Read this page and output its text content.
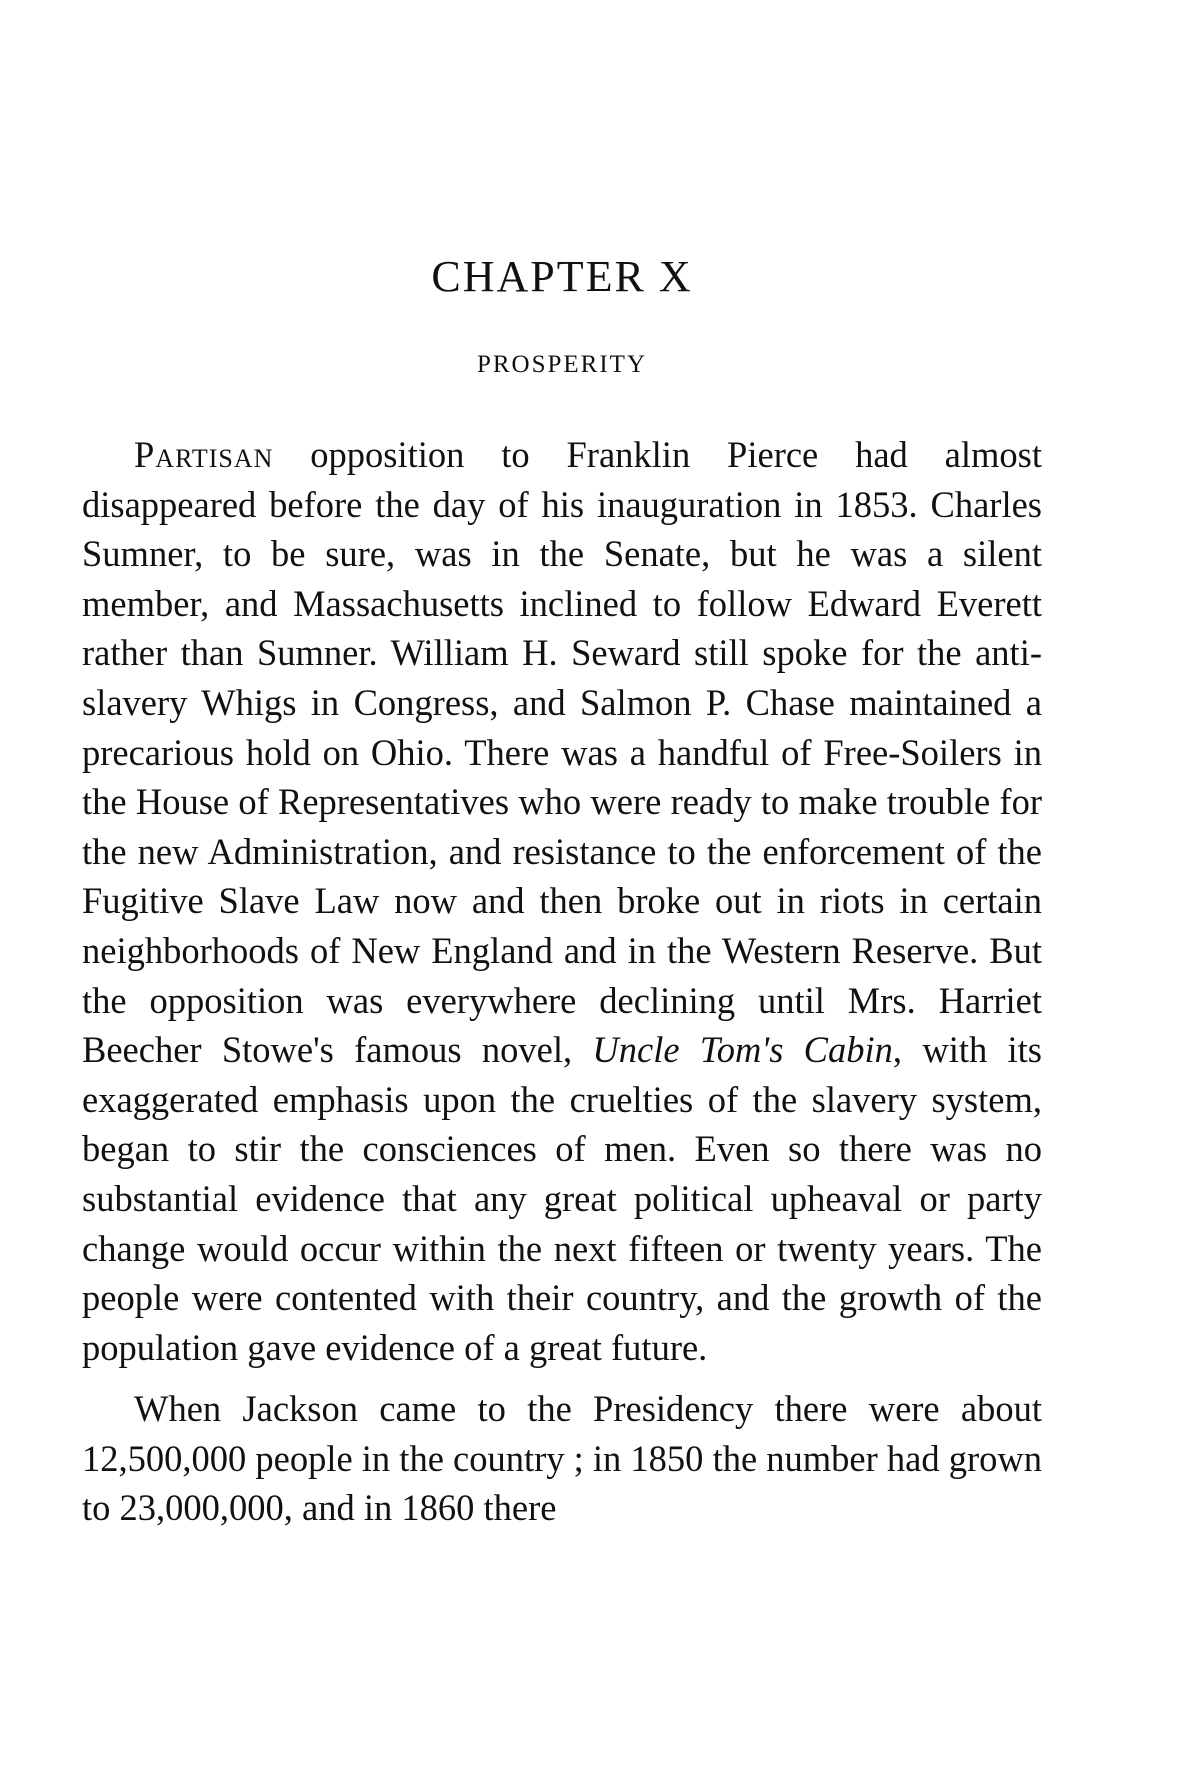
CHAPTER X
PROSPERITY

Partisan opposition to Franklin Pierce had almost disappeared before the day of his inauguration in 1853. Charles Sumner, to be sure, was in the Senate, but he was a silent member, and Massachusetts inclined to follow Edward Everett rather than Sumner. William H. Seward still spoke for the anti-slavery Whigs in Congress, and Salmon P. Chase maintained a precarious hold on Ohio. There was a handful of Free-Soilers in the House of Representatives who were ready to make trouble for the new Administration, and resistance to the enforcement of the Fugitive Slave Law now and then broke out in riots in certain neighborhoods of New England and in the Western Reserve. But the opposition was everywhere declining until Mrs. Harriet Beecher Stowe's famous novel, Uncle Tom's Cabin, with its exaggerated emphasis upon the cruelties of the slavery system, began to stir the consciences of men. Even so there was no substantial evidence that any great political upheaval or party change would occur within the next fifteen or twenty years. The people were contented with their country, and the growth of the population gave evidence of a great future.

When Jackson came to the Presidency there were about 12,500,000 people in the country ; in 1850 the number had grown to 23,000,000, and in 1860 there
